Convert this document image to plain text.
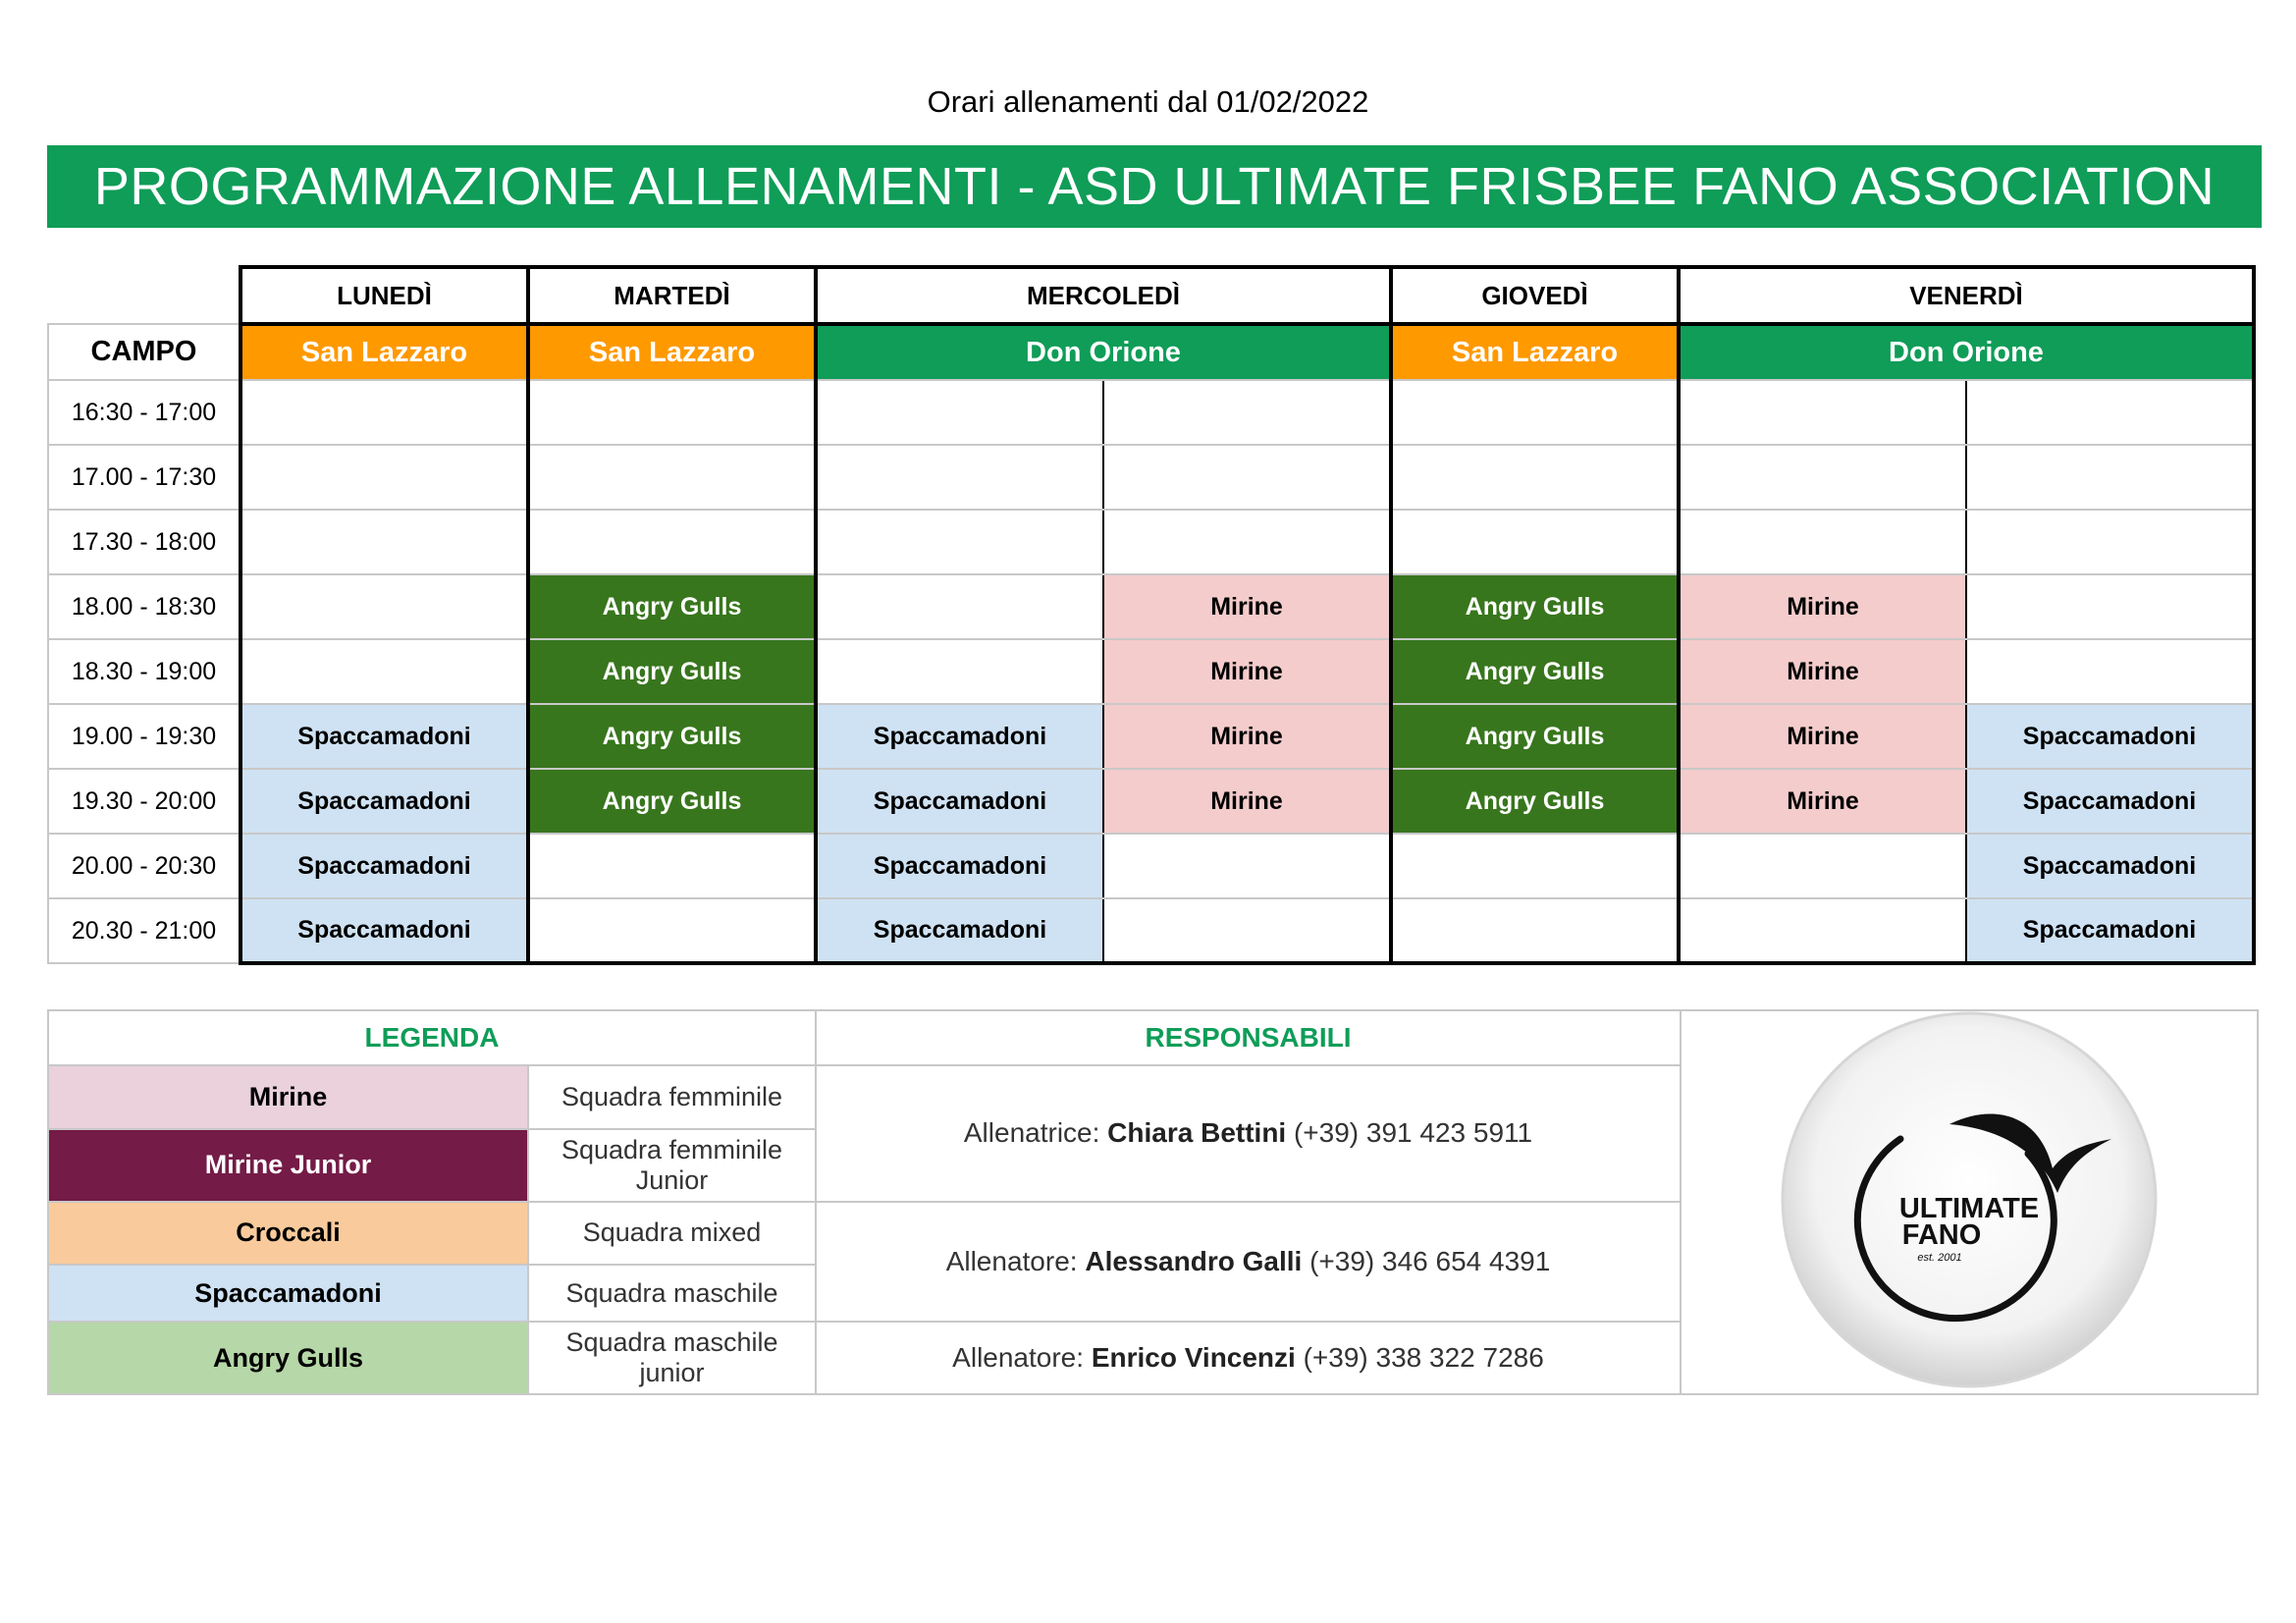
Orari allenamenti dal 01/02/2022
PROGRAMMAZIONE ALLENAMENTI - ASD ULTIMATE FRISBEE FANO ASSOCIATION
	LUNEDÌ	MARTEDÌ	MERCOLEDÌ		GIOVEDÌ	VENERDÌ	
CAMPO	San Lazzaro	San Lazzaro	Don Orione		San Lazzaro	Don Orione	
16:30 - 17:00							
17.00 - 17:30							
17.30 - 18:00							
18.00 - 18:30		Angry Gulls		Mirine	Angry Gulls	Mirine	
18.30 - 19:00		Angry Gulls		Mirine	Angry Gulls	Mirine	
19.00 - 19:30	Spaccamadoni	Angry Gulls	Spaccamadoni	Mirine	Angry Gulls	Mirine	Spaccamadoni
19.30 - 20:00	Spaccamadoni	Angry Gulls	Spaccamadoni	Mirine	Angry Gulls	Mirine	Spaccamadoni
20.00 - 20:30	Spaccamadoni		Spaccamadoni				Spaccamadoni
20.30 - 21:00	Spaccamadoni		Spaccamadoni				Spaccamadoni
LEGENDA		RESPONSABILI	ULTIMATE
FANO
est. 2001

Mirine	Squadra femminile	Allenatrice: Chiara Bettini (+39) 391 423 5911	
Mirine Junior	Squadra femminile Junior		
Croccali	Squadra mixed	Allenatore: Alessandro Galli (+39) 346 654 4391	
Spaccamadoni	Squadra maschile		
Angry Gulls	Squadra maschile junior	Allenatore: Enrico Vincenzi (+39) 338 322 7286	
